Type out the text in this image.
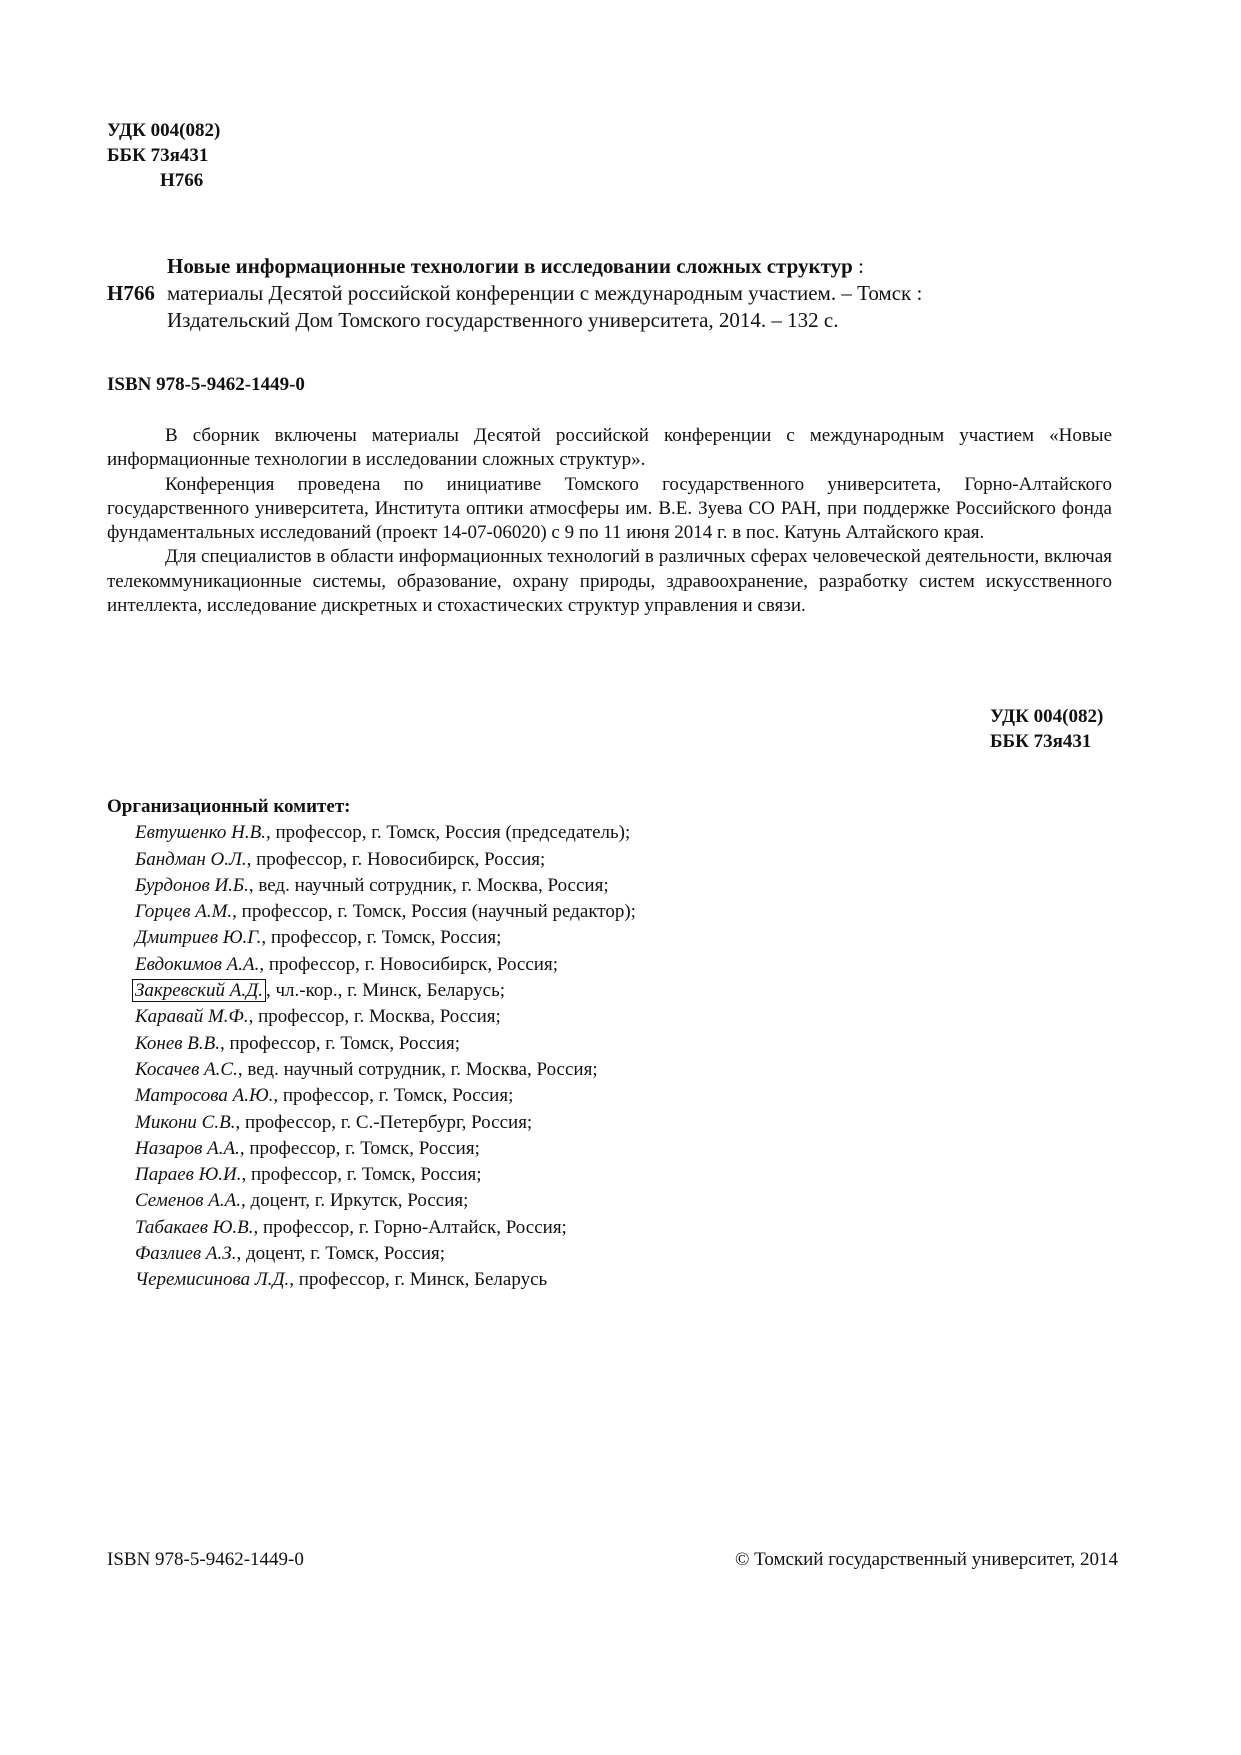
УДК 004(082)
ББК 73я431
Н766
Новые информационные технологии в исследовании сложных структур :
Н766 материалы Десятой российской конференции с международным участием. – Томск :
Издательский Дом Томского государственного университета, 2014. – 132 с.
ISBN 978-5-9462-1449-0

В сборник включены материалы Десятой российской конференции с международным участием «Новые информационные технологии в исследовании сложных структур».

Конференция проведена по инициативе Томского государственного университета, Горно-Алтайского государственного университета, Института оптики атмосферы им. В.Е. Зуева СО РАН, при поддержке Российского фонда фундаментальных исследований (проект 14-07-06020) с 9 по 11 июня 2014 г. в пос. Катунь Алтайского края.

Для специалистов в области информационных технологий в различных сферах человеческой деятельности, включая телекоммуникационные системы, образование, охрану природы, здравоохранение, разработку систем искусственного интеллекта, исследование дискретных и стохастических структур управления и связи.

УДК 004(082)
ББК 73я431
Организационный комитет:
Евтушенко Н.В., профессор, г. Томск, Россия (председатель);
Бандман О.Л., профессор, г. Новосибирск, Россия;
Бурдонов И.Б., вед. научный сотрудник, г. Москва, Россия;
Горцев А.М., профессор, г. Томск, Россия (научный редактор);
Дмитриев Ю.Г., профессор, г. Томск, Россия;
Евдокимов А.А., профессор, г. Новосибирск, Россия;
Закревский А.Д. , чл.-кор., г. Минск, Беларусь;
Каравай М.Ф., профессор, г. Москва, Россия;
Конев В.В., профессор, г. Томск, Россия;
Косачев А.С., вед. научный сотрудник, г. Москва, Россия;
Матросова А.Ю., профессор, г. Томск, Россия;
Микони С.В., профессор, г. С.-Петербург, Россия;
Назаров А.А., профессор, г. Томск, Россия;
Параев Ю.И., профессор, г. Томск, Россия;
Семенов А.А., доцент, г. Иркутск, Россия;
Табакаев Ю.В., профессор, г. Горно-Алтайск, Россия;
Фазлиев А.З., доцент, г. Томск, Россия;
Черемисинова Л.Д., профессор, г. Минск, Беларусь
ISBN 978-5-9462-1449-0	© Томский государственный университет, 2014
